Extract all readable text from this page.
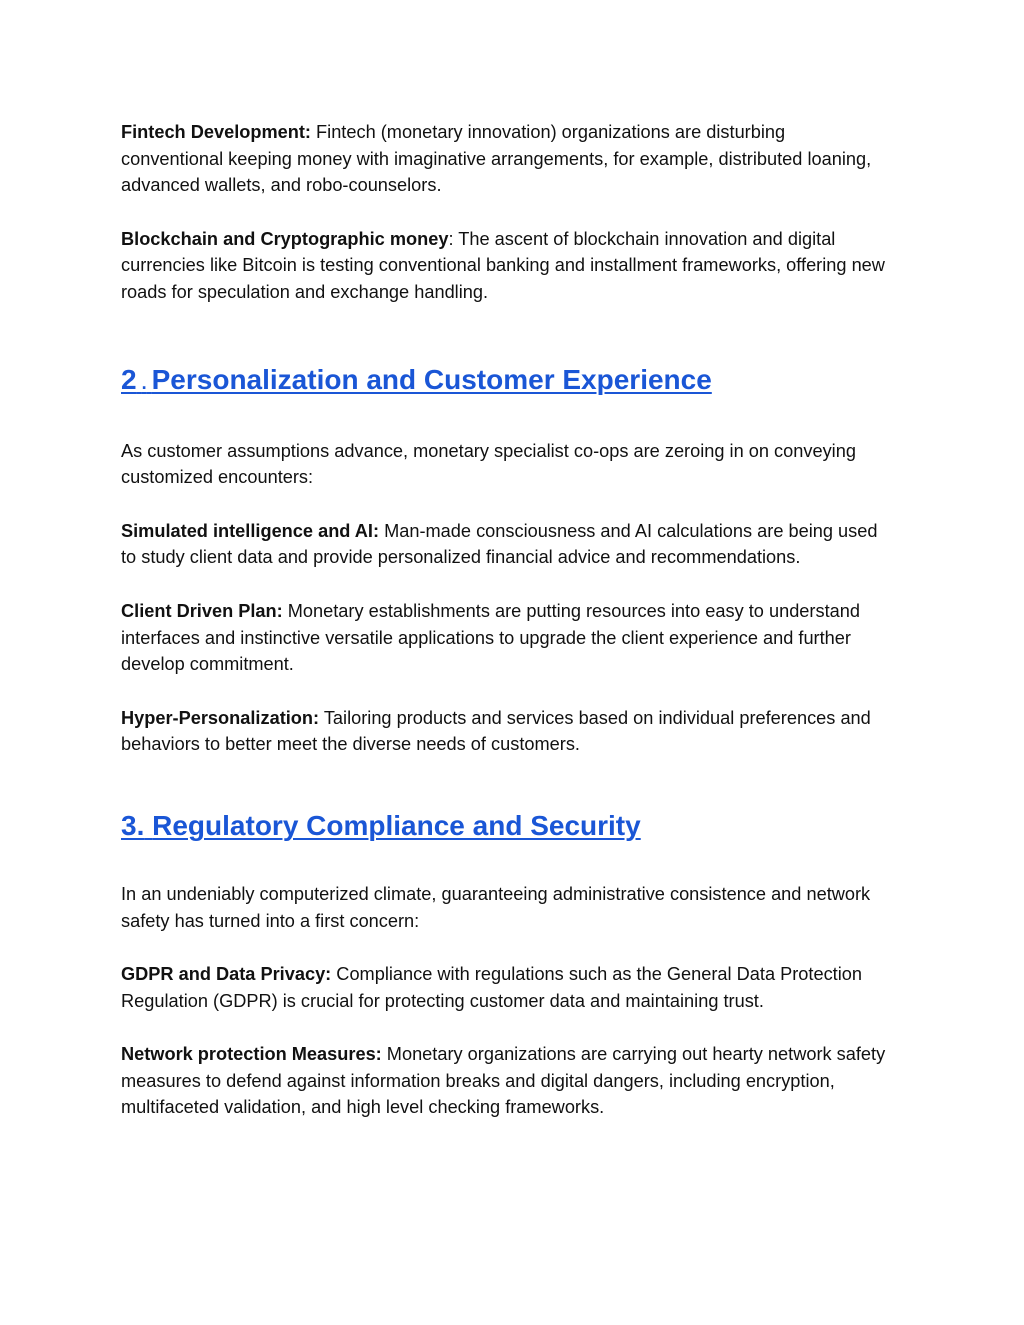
Fintech Development: Fintech (monetary innovation) organizations are disturbing conventional keeping money with imaginative arrangements, for example, distributed loaning, advanced wallets, and robo-counselors.

Blockchain and Cryptographic money: The ascent of blockchain innovation and digital currencies like Bitcoin is testing conventional banking and installment frameworks, offering new roads for speculation and exchange handling.

2 . Personalization and Customer Experience

As customer assumptions advance, monetary specialist co-ops are zeroing in on conveying customized encounters:

Simulated intelligence and AI: Man-made consciousness and AI calculations are being used to study client data and provide personalized financial advice and recommendations.

Client Driven Plan: Monetary establishments are putting resources into easy to understand interfaces and instinctive versatile applications to upgrade the client experience and further develop commitment.

Hyper-Personalization: Tailoring products and services based on individual preferences and behaviors to better meet the diverse needs of customers.

3. Regulatory Compliance and Security

In an undeniably computerized climate, guaranteeing administrative consistence and network safety has turned into a first concern:

GDPR and Data Privacy: Compliance with regulations such as the General Data Protection Regulation (GDPR) is crucial for protecting customer data and maintaining trust.

Network protection Measures: Monetary organizations are carrying out hearty network safety measures to defend against information breaks and digital dangers, including encryption, multifaceted validation, and high level checking frameworks.
